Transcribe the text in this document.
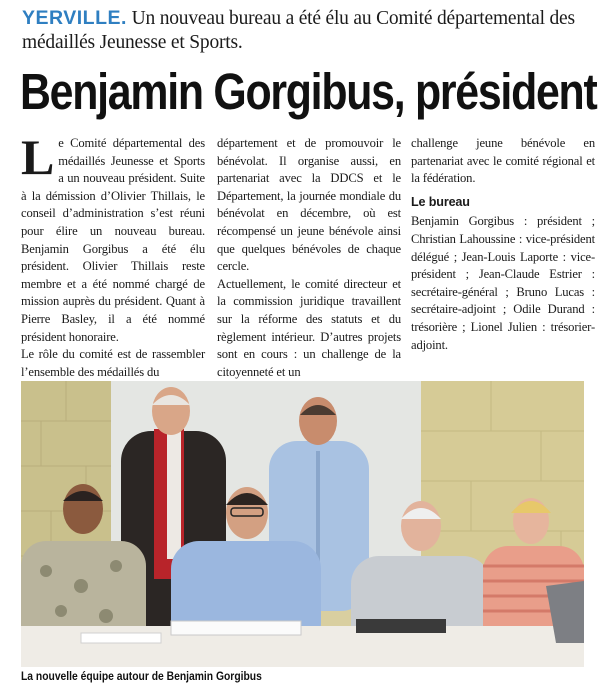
YERVILLE. Un nouveau bureau a été élu au Comité départemental des médaillés Jeunesse et Sports.
Benjamin Gorgibus, président

Le Comité départemental des médaillés Jeunesse et Sports a un nouveau président. Suite à la démission d’Olivier Thillais, le conseil d’administration s’est réuni pour élire un nouveau bureau. Benjamin Gorgibus a été élu président. Olivier Thillais reste membre et a été nommé chargé de mission auprès du président. Quant à Pierre Basley, il a été nommé président honoraire.

Le rôle du comité est de rassembler l’ensemble des médaillés du

département et de promouvoir le bénévolat. Il organise aussi, en partenariat avec la DDCS et le Département, la journée mondiale du bénévolat en décembre, où est récompensé un jeune bénévole ainsi que quelques bénévoles de chaque cercle.

Actuellement, le comité directeur et la commission juridique travaillent sur la réforme des statuts et du règlement intérieur. D’autres projets sont en cours : un challenge de la citoyenneté et un

challenge jeune bénévole en partenariat avec le comité régional et la fédération.

Le bureau

Benjamin Gorgibus : président ; Christian Lahoussine : vice-président délégué ; Jean-Louis Laporte : vice-président ; Jean-Claude Estrier : secrétaire-général ; Bruno Lucas : secrétaire-adjoint ; Odile Durand : trésorière ; Lionel Julien : trésorier-adjoint.

La nouvelle équipe autour de Benjamin Gorgibus
